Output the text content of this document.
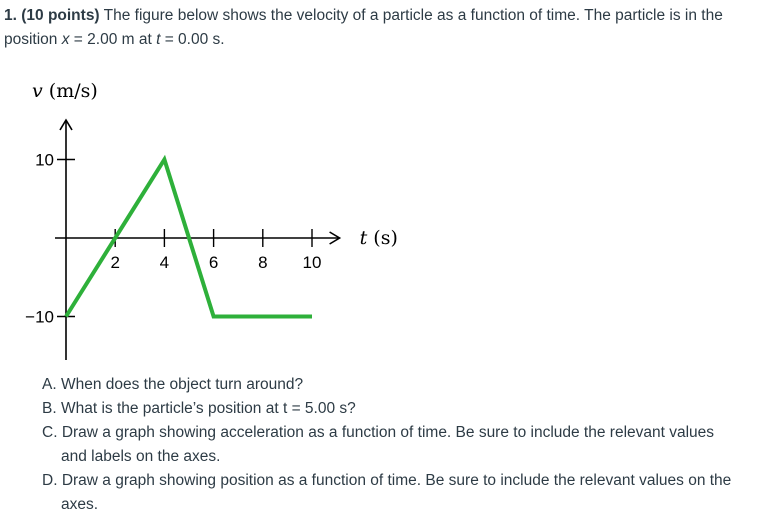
1. (10 points) The figure below shows the velocity of a particle as a function of time. The particle is in the position x = 2.00 m at t = 0.00 s.
2 4 6 8 10
10
−10
v (m/s)
t (s)
A. When does the object turn around?
B. What is the particle’s position at t = 5.00 s?
C. Draw a graph showing acceleration as a function of time. Be sure to include the relevant values and labels on the axes.
D. Draw a graph showing position as a function of time. Be sure to include the relevant values on the axes.
